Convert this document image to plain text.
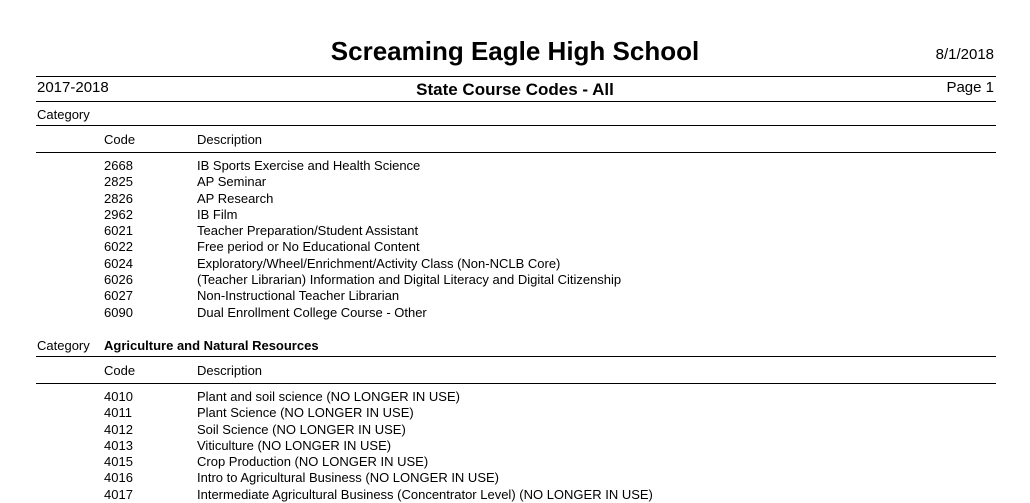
Screaming Eagle High School	8/1/2018
2017-2018	State Course Codes - All	Page 1
Category
Code	Description
2668	IB Sports Exercise and Health Science
2825	AP Seminar
2826	AP Research
2962	IB Film
6021	Teacher Preparation/Student Assistant
6022	Free period or No Educational Content
6024	Exploratory/Wheel/Enrichment/Activity Class (Non-NCLB Core)
6026	(Teacher Librarian) Information and Digital Literacy and Digital Citizenship
6027	Non-Instructional Teacher Librarian
6090	Dual Enrollment College Course - Other
Category Agriculture and Natural Resources
Code	Description
4010	Plant and soil science (NO LONGER IN USE)
4011	Plant Science (NO LONGER IN USE)
4012	Soil Science (NO LONGER IN USE)
4013	Viticulture (NO LONGER IN USE)
4015	Crop Production (NO LONGER IN USE)
4016	Intro to Agricultural Business (NO LONGER IN USE)
4017	Intermediate Agricultural Business (Concentrator Level) (NO LONGER IN USE)
